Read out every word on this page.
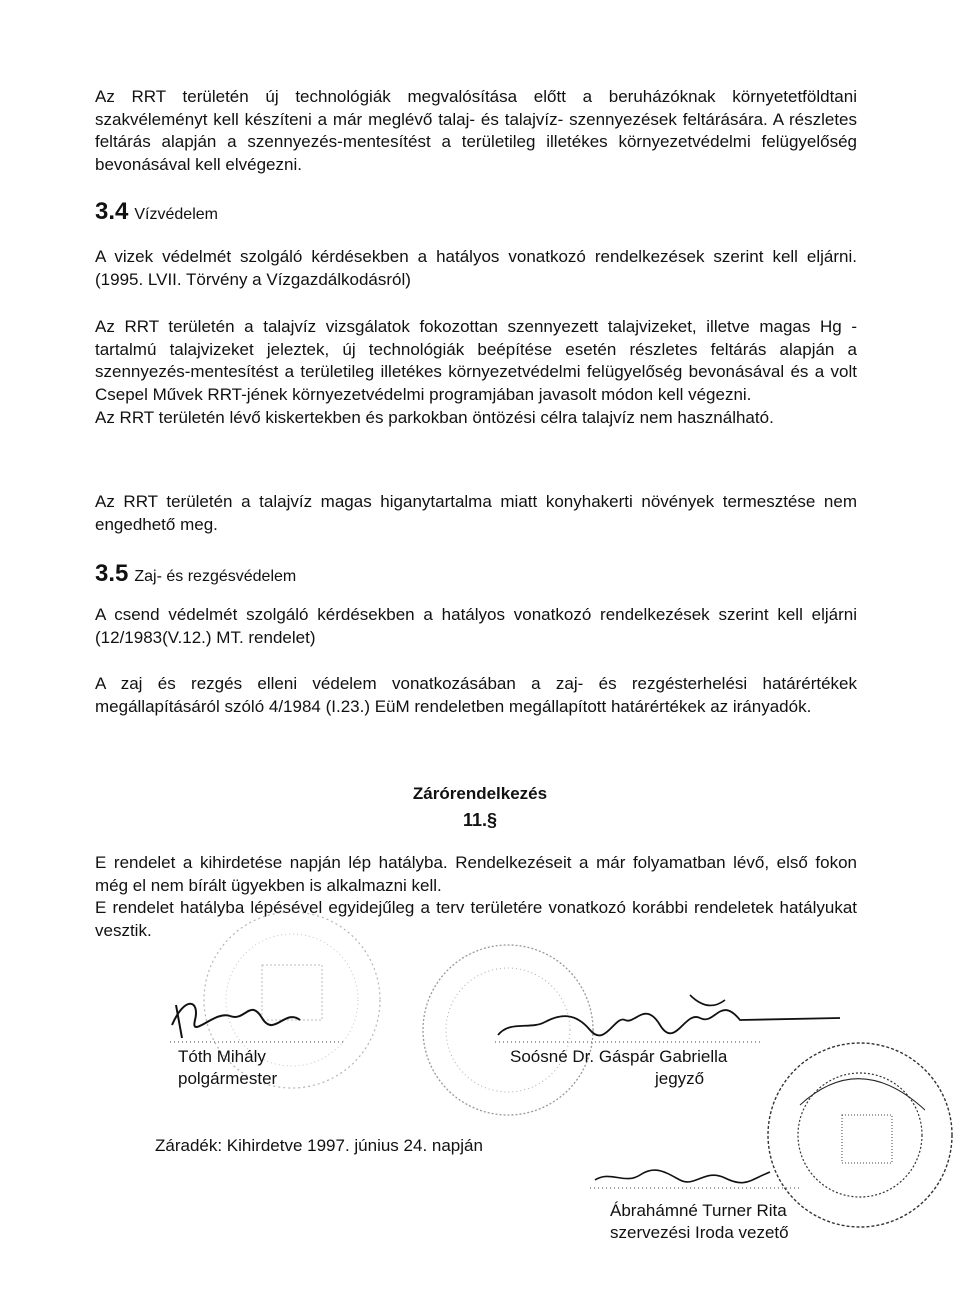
Az RRT területén új technológiák megvalósítása előtt a beruházóknak környetetföldtani szakvéleményt kell készíteni a már meglévő talaj- és talajvíz- szennyezések feltárására. A részletes feltárás alapján a szennyezés-mentesítést a területileg illetékes környezetvédelmi felügyelőség bevonásával kell elvégezni.

3.4 Vízvédelem

A vizek védelmét szolgáló kérdésekben a hatályos vonatkozó rendelkezések szerint kell eljárni. (1995. LVII. Törvény a Vízgazdálkodásról)

Az RRT területén a talajvíz vizsgálatok fokozottan szennyezett talajvizeket, illetve magas Hg -tartalmú talajvizeket jeleztek, új technológiák beépítése esetén részletes feltárás alapján a szennyezés-mentesítést a területileg illetékes környezetvédelmi felügyelőség bevonásával és a volt Csepel Művek RRT-jének környezetvédelmi programjában javasolt módon kell végezni.

Az RRT területén lévő kiskertekben és parkokban öntözési célra talajvíz nem használható.

Az RRT területén a talajvíz magas higanytartalma miatt konyhakerti növények termesztése nem engedhető meg.

3.5 Zaj- és rezgésvédelem

A csend védelmét szolgáló kérdésekben a hatályos vonatkozó rendelkezések szerint kell eljárni (12/1983(V.12.) MT. rendelet)

A zaj és rezgés elleni védelem vonatkozásában a zaj- és rezgésterhelési határértékek megállapításáról szóló 4/1984 (I.23.) EüM rendeletben megállapított határértékek az irányadók.

Zárórendelkezés
11.§

E rendelet a kihirdetése napján lép hatályba. Rendelkezéseit a már folyamatban lévő, első fokon még el nem bírált ügyekben is alkalmazni kell.

E rendelet hatályba lépésével egyidejűleg a terv területére vonatkozó korábbi rendeletek hatályukat vesztik.

Tóth Mihály
polgármester
Soósné Dr. Gáspár Gabriella
jegyző
Záradék: Kihirdetve 1997. június 24. napján
Ábrahámné Turner Rita
szervezési Iroda vezető
